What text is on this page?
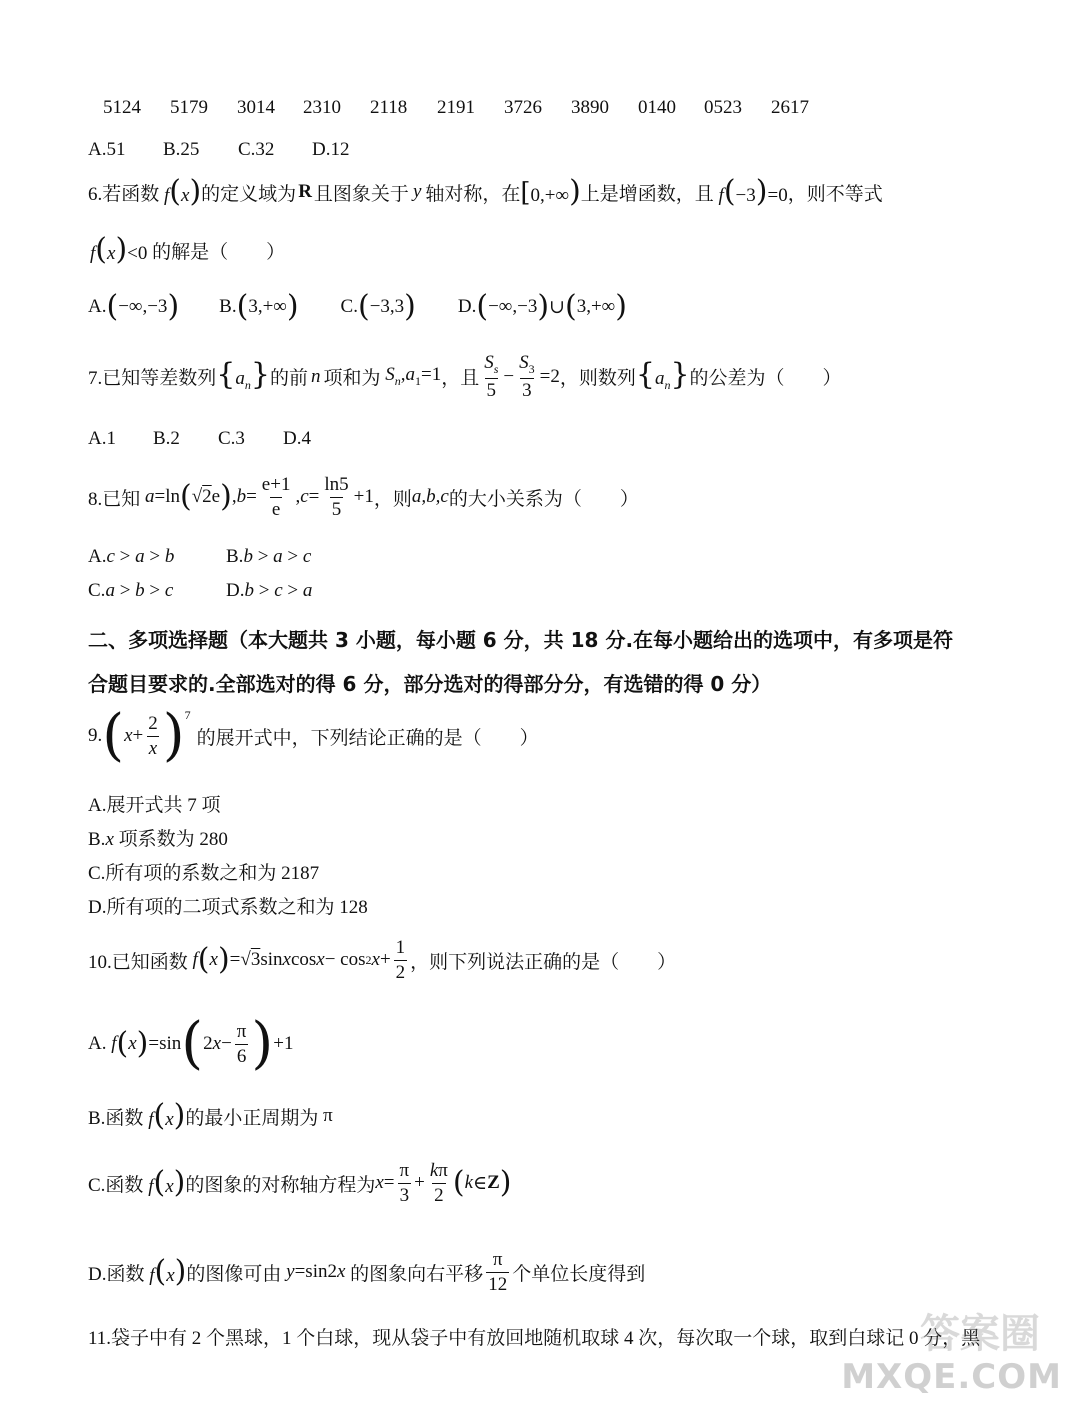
5124 5179 3014 2310 2118 2191 3726 3890 0140 0523 2617
A.51 B.25 C.32 D.12
6.若函数 f(x) 的定义域为 R 且图象关于 y 轴对称，在 [0,+∞) 上是增函数，且 f(−3)=0 ，则不等式
f(x)<0 的解是（　　）
A. ( −∞,−3 ) B. ( 3,+∞ ) C. ( −3,3 ) D. ( −∞,−3 ) ∪ ( 3,+∞ )
7.已知等差数列 $\{a_n\}$ 的前 n 项和为 $S_n,a_1=1$ ，且 $\frac{S_s}{5} - \frac{S_3}{3} =2$ ，则数列 $\{a_n\}$ 的公差为（　　）
A.1 B.2 C.3 D.4
8.已知
a =ln ( √ 2 e ) , $b = \frac{e+1}{e}$ , $c = \frac{\ln 5}{5} +1$ ，则 a,b,c 的大小关系为（　　）
A.c > a > b	B.b > a > c
C.a > b > c	D.b > c > a
二、多项选择题（本大题共 3 小题，每小题 6 分，共 18 分.在每小题给出的选项中，有多项是符
合题目要求的.全部选对的得 6 分，部分选对的得部分分，有选错的得 0 分）
9. ( $x + \frac{2}{x} )^7$
的展开式中，下列结论正确的是（　　）
A.展开式共 7 项
B.x 项系数为 280
C.所有项的系数之和为 2187
D.所有项的二项式系数之和为 128
10.已知函数
f ( x ) =√ 3 sin x cos x − cos 2 $x + \frac{1}{2}$ ，则下列说法正确的是（　　）
A.
f ( x ) =sin ( 2 $x - \frac{\pi}{6}$ ) +1
B.函数 f(x) 的最小正周期为 π
C.函数 f(x) 的图象的对称轴方程为 $x = \frac{\pi}{3} + \frac{k\pi}{2}$ ( k ∈ Z )
D.函数 f(x) 的图像可由 y=sin2x 的图象向右平移 $\frac{\pi}{12}$ 个单位长度得到
11.袋子中有 2 个黑球，1 个白球，现从袋子中有放回地随机取球 4 次，每次取一个球，取到白球记 0 分，黑
答案圈
MXQE.COM
